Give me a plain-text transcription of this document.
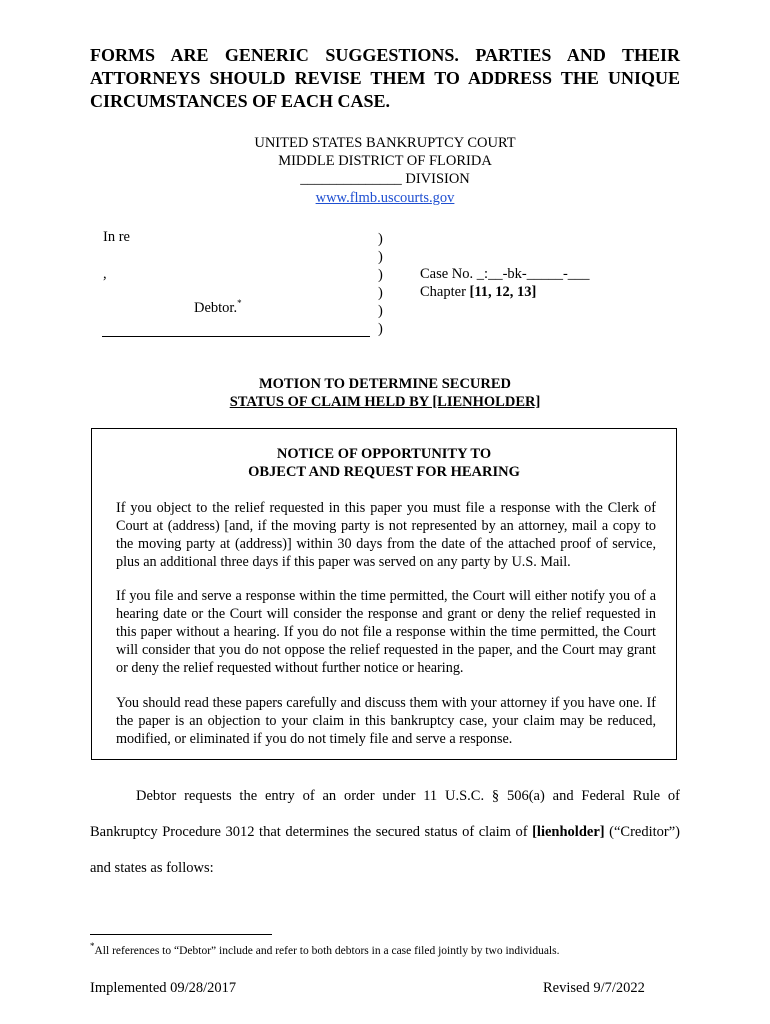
FORMS ARE GENERIC SUGGESTIONS. PARTIES AND THEIR ATTORNEYS SHOULD REVISE THEM TO ADDRESS THE UNIQUE CIRCUMSTANCES OF EACH CASE.
UNITED STATES BANKRUPTCY COURT
MIDDLE DISTRICT OF FLORIDA
______________ DIVISION
www.flmb.uscourts.gov
In re
,
Debtor.*
)
)
)
)
)
)
Case No. _:__-bk-_____-___
Chapter [11, 12, 13]
MOTION TO DETERMINE SECURED
STATUS OF CLAIM HELD BY [LIENHOLDER]
NOTICE OF OPPORTUNITY TO
OBJECT AND REQUEST FOR HEARING
If you object to the relief requested in this paper you must file a response with the Clerk of Court at (address) [and, if the moving party is not represented by an attorney, mail a copy to the moving party at (address)] within 30 days from the date of the attached proof of service, plus an additional three days if this paper was served on any party by U.S. Mail.
If you file and serve a response within the time permitted, the Court will either notify you of a hearing date or the Court will consider the response and grant or deny the relief requested in this paper without a hearing. If you do not file a response within the time permitted, the Court will consider that you do not oppose the relief requested in the paper, and the Court may grant or deny the relief requested without further notice or hearing.
You should read these papers carefully and discuss them with your attorney if you have one. If the paper is an objection to your claim in this bankruptcy case, your claim may be reduced, modified, or eliminated if you do not timely file and serve a response.
Debtor requests the entry of an order under 11 U.S.C. § 506(a) and Federal Rule of Bankruptcy Procedure 3012 that determines the secured status of claim of [lienholder] (“Creditor”) and states as follows:
*All references to “Debtor” include and refer to both debtors in a case filed jointly by two individuals.
Implemented 09/28/2017	Revised 9/7/2022
